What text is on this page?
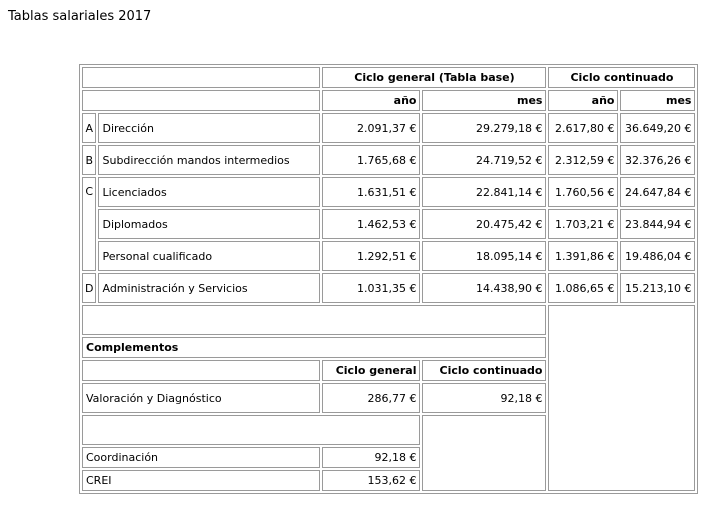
Tablas salariales 2017
		Ciclo general (Tabla base)		Ciclo continuado	
		año	mes	año	mes
A	Dirección	2.091,37 €	29.279,18 €	2.617,80 €	36.649,20 €
B	Subdirección mandos intermedios	1.765,68 €	24.719,52 €	2.312,59 €	32.376,26 €
C	Licenciados	1.631,51 €	22.841,14 €	1.760,56 €	24.647,84 €
	Diplomados	1.462,53 €	20.475,42 €	1.703,21 €	23.844,94 €
	Personal cualificado	1.292,51 €	18.095,14 €	1.391,86 €	19.486,04 €
D	Administración y Servicios	1.031,35 €	14.438,90 €	1.086,65 €	15.213,10 €

Complementos					
		Ciclo general	Ciclo continuado		
Valoración y Diagnóstico		286,77 €	92,18 €		

Coordinación		92,18 €			
CREI		153,62 €			
